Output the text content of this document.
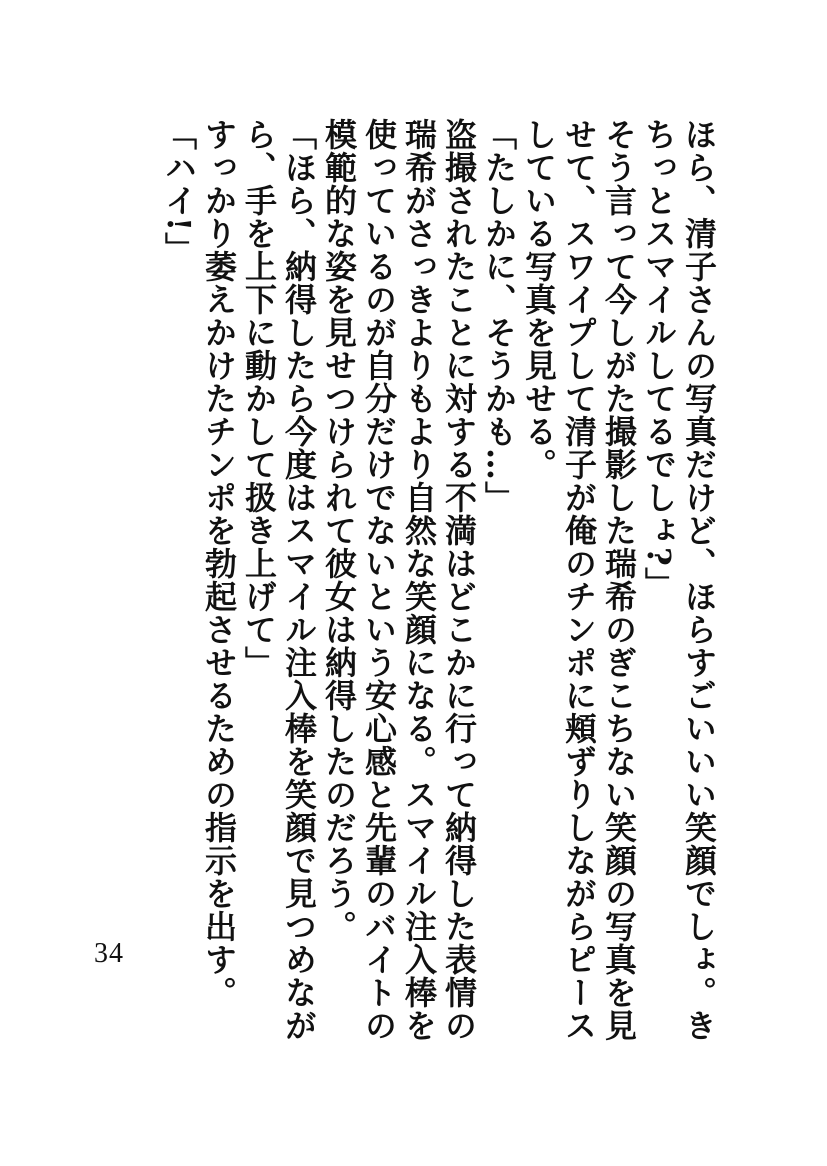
ほら、清子さんの写真だけど、ほらすごいいい笑顔でしょ。きちっとスマイルしてるでしょ?」

そう言って今しがた撮影した瑞希のぎこちない笑顔の写真を見せて、スワイプして清子が俺のチンポに頬ずりしながらピースしている写真を見せる。

「たしかに、そうかも…」

盗撮されたことに対する不満はどこかに行って納得した表情の瑞希がさっきよりもより自然な笑顔になる。スマイル注入棒を使っているのが自分だけでないという安心感と先輩のバイトの模範的な姿を見せつけられて彼女は納得したのだろう。

「ほら、納得したら今度はスマイル注入棒を笑顔で見つめながら、手を上下に動かして扱き上げて」

すっかり萎えかけたチンポを勃起させるための指示を出す。

「ハイ!」

34
